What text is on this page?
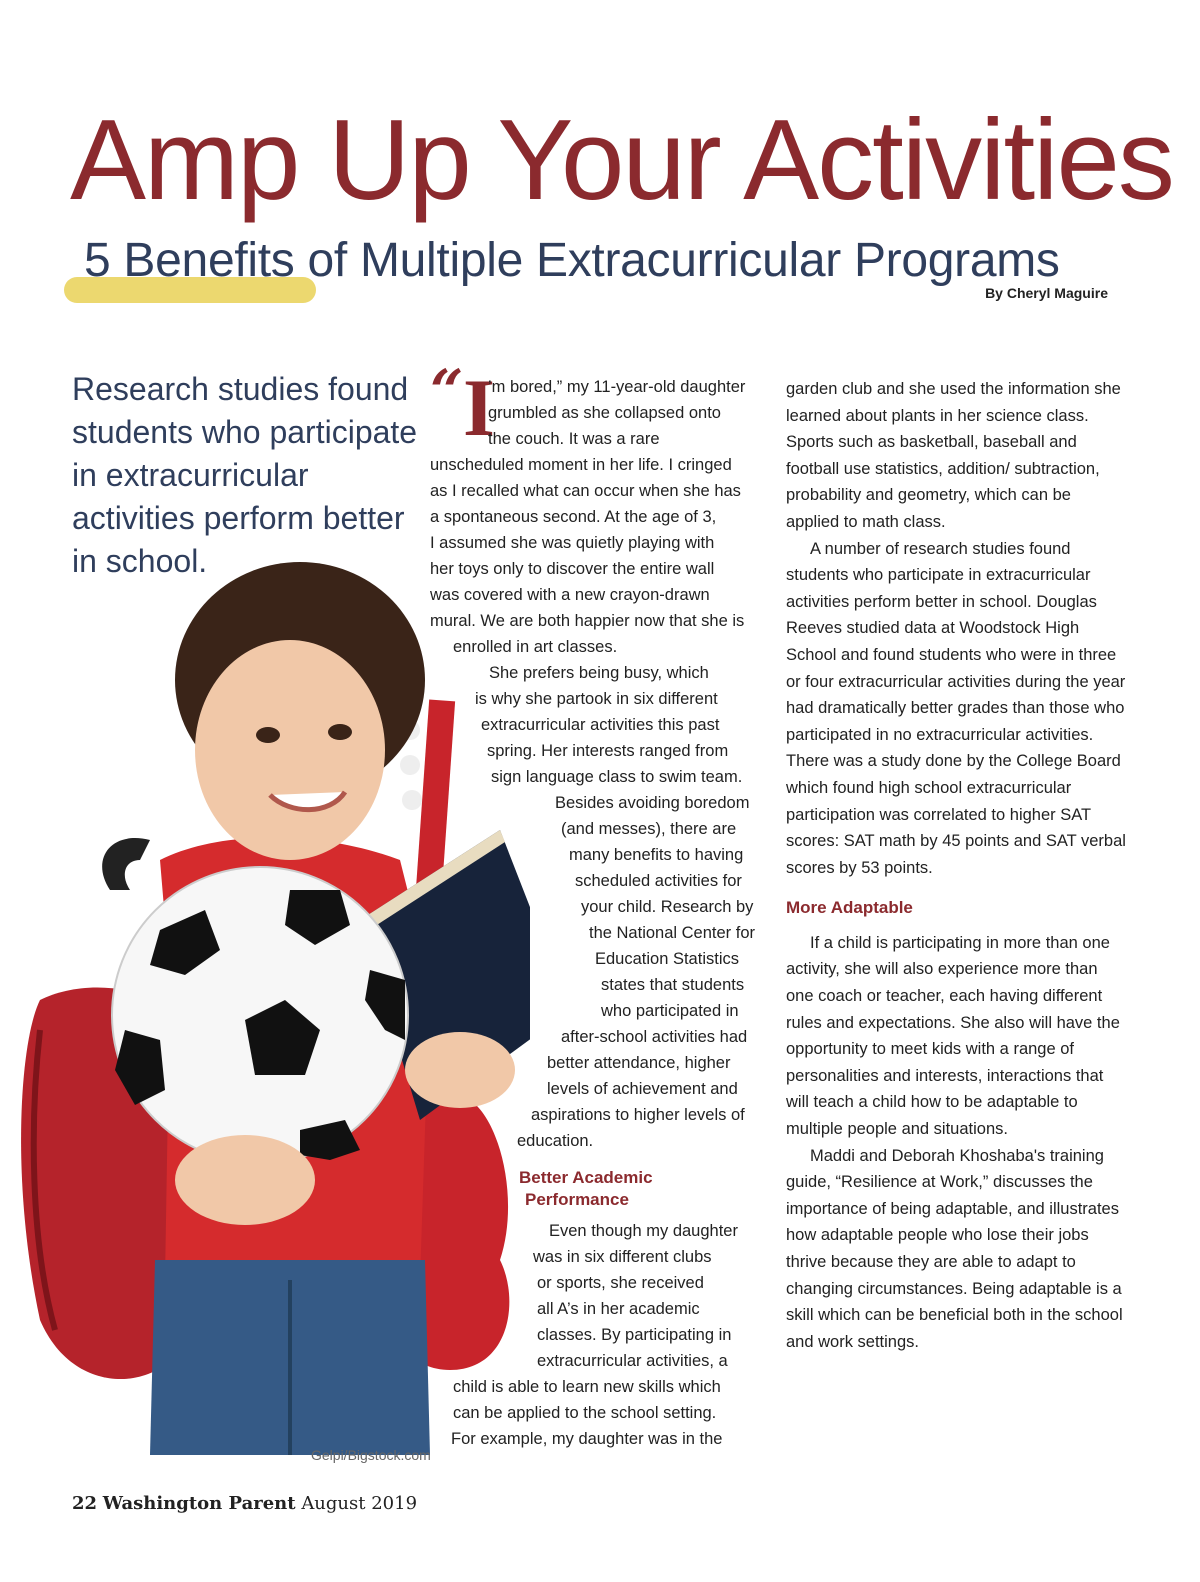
Amp Up Your Activities
5 Benefits of Multiple Extracurricular Programs
By Cheryl Maguire

Research studies found students who participate in extracurricular activities perform better in school.

Gelpi/Bigstock.com
“ I
’m bored,” my 11-year-old daughter
grumbled as she collapsed onto
the couch. It was a rare
unscheduled moment in her life. I cringed
as I recalled what can occur when she has
a spontaneous second. At the age of 3,
I assumed she was quietly playing with
her toys only to discover the entire wall
was covered with a new crayon-drawn
mural. We are both happier now that she is
enrolled in art classes.
She prefers being busy, which
is why she partook in six different
extracurricular activities this past
spring. Her interests ranged from
sign language class to swim team.
Besides avoiding boredom
(and messes), there are
many benefits to having
scheduled activities for
your child. Research by
the National Center for
Education Statistics
states that students
who participated in
after-school activities had
better attendance, higher
levels of achievement and
aspirations to higher levels of
education.
Better Academic
Performance
Even though my daughter
was in six different clubs
or sports, she received
all A’s in her academic
classes. By participating in
extracurricular activities, a
child is able to learn new skills which
can be applied to the school setting.
For example, my daughter was in the

garden club and she used the information she learned about plants in her science class. Sports such as basketball, baseball and football use statistics, addition/ subtraction, probability and geometry, which can be applied to math class.

A number of research studies found students who participate in extracurricular activities perform better in school. Douglas Reeves studied data at Woodstock High School and found students who were in three or four extracurricular activities during the year had dramatically better grades than those who participated in no extracurricular activities. There was a study done by the College Board which found high school extracurricular participation was correlated to higher SAT scores: SAT math by 45 points and SAT verbal scores by 53 points.

More Adaptable

If a child is participating in more than one activity, she will also experience more than one coach or teacher, each having different rules and expectations. She also will have the opportunity to meet kids with a range of personalities and interests, interactions that will teach a child how to be adaptable to multiple people and situations.

Maddi and Deborah Khoshaba's training guide, “Resilience at Work,” discusses the importance of being adaptable, and illustrates how adaptable people who lose their jobs thrive because they are able to adapt to changing circumstances. Being adaptable is a skill which can be beneficial both in the school and work settings.

22 Washington Parent August 2019
